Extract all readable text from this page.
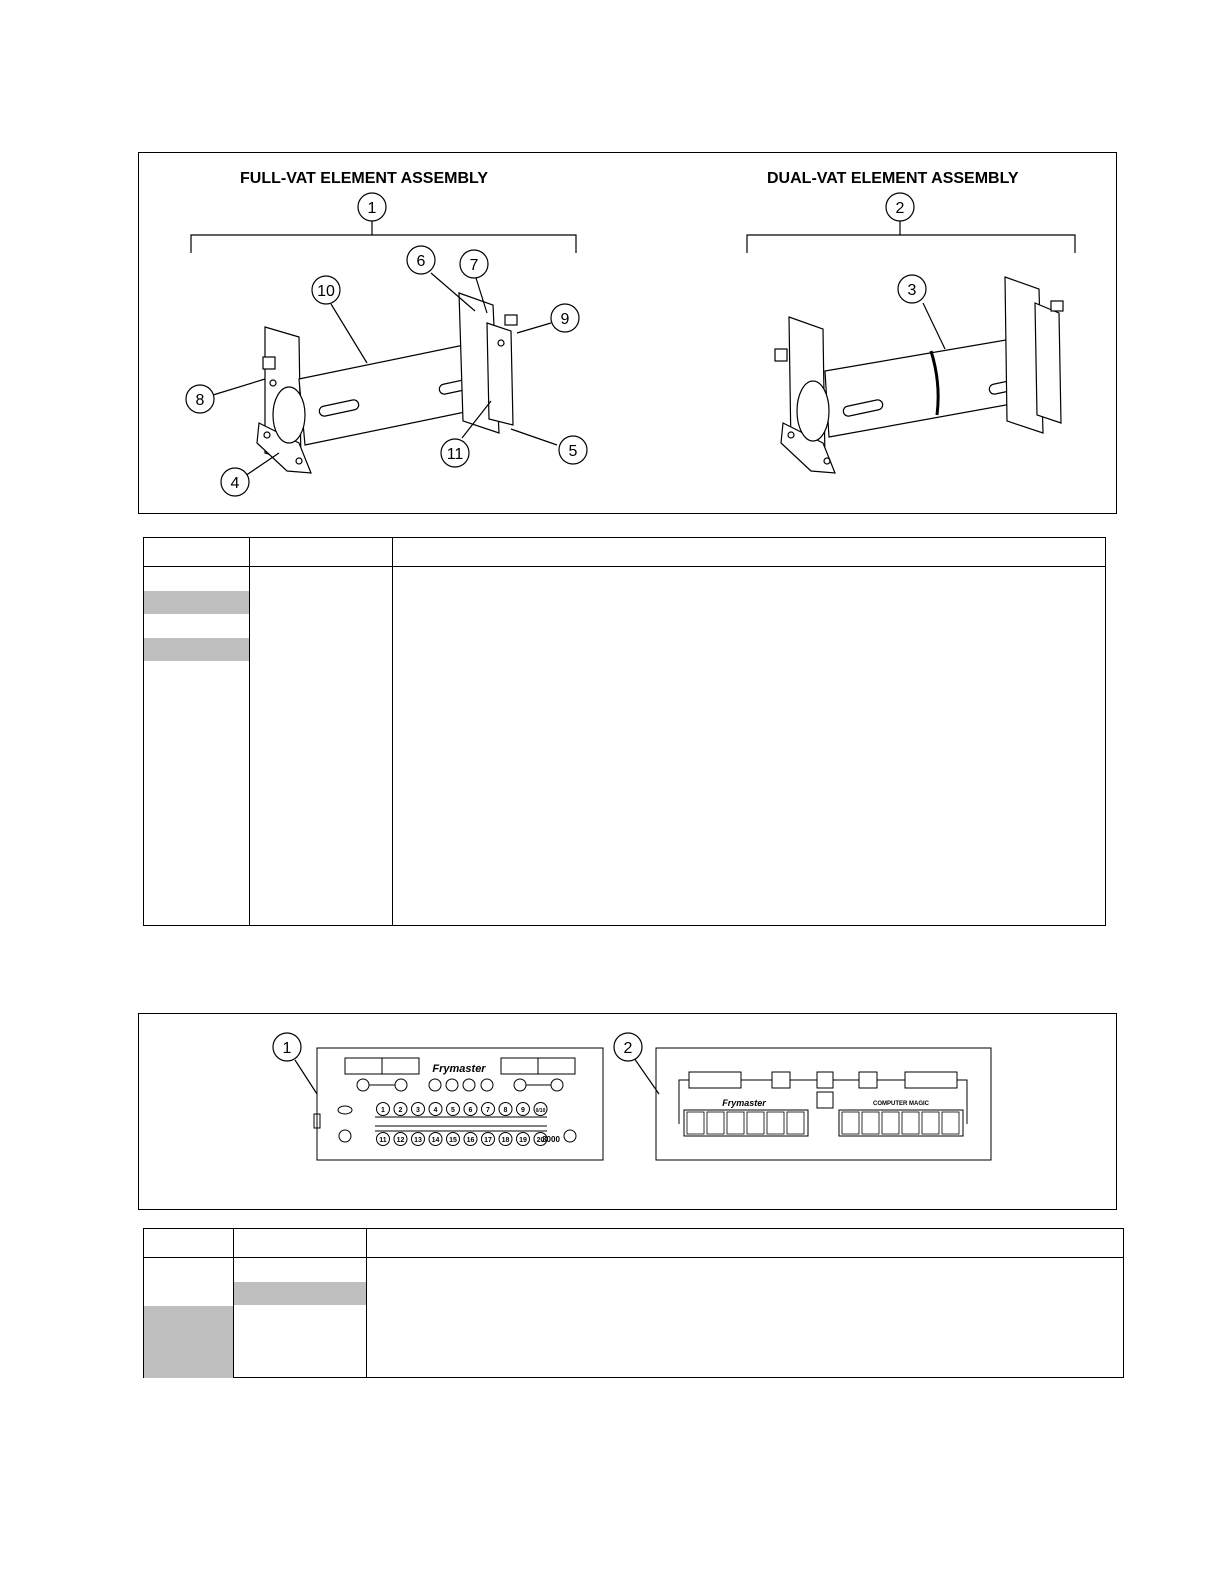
FULL-VAT ELEMENT ASSEMBLY	DUAL-VAT ELEMENT ASSEMBLY
1	2
3
4
5
6	7
8
9
10
11
1 2 3 4 5 6 7 8 9 0/10
11 12 13 14 15 16 17 18 19 20
Frymaster
3000
Frymaster	COMPUTER MAGIC
1	2
